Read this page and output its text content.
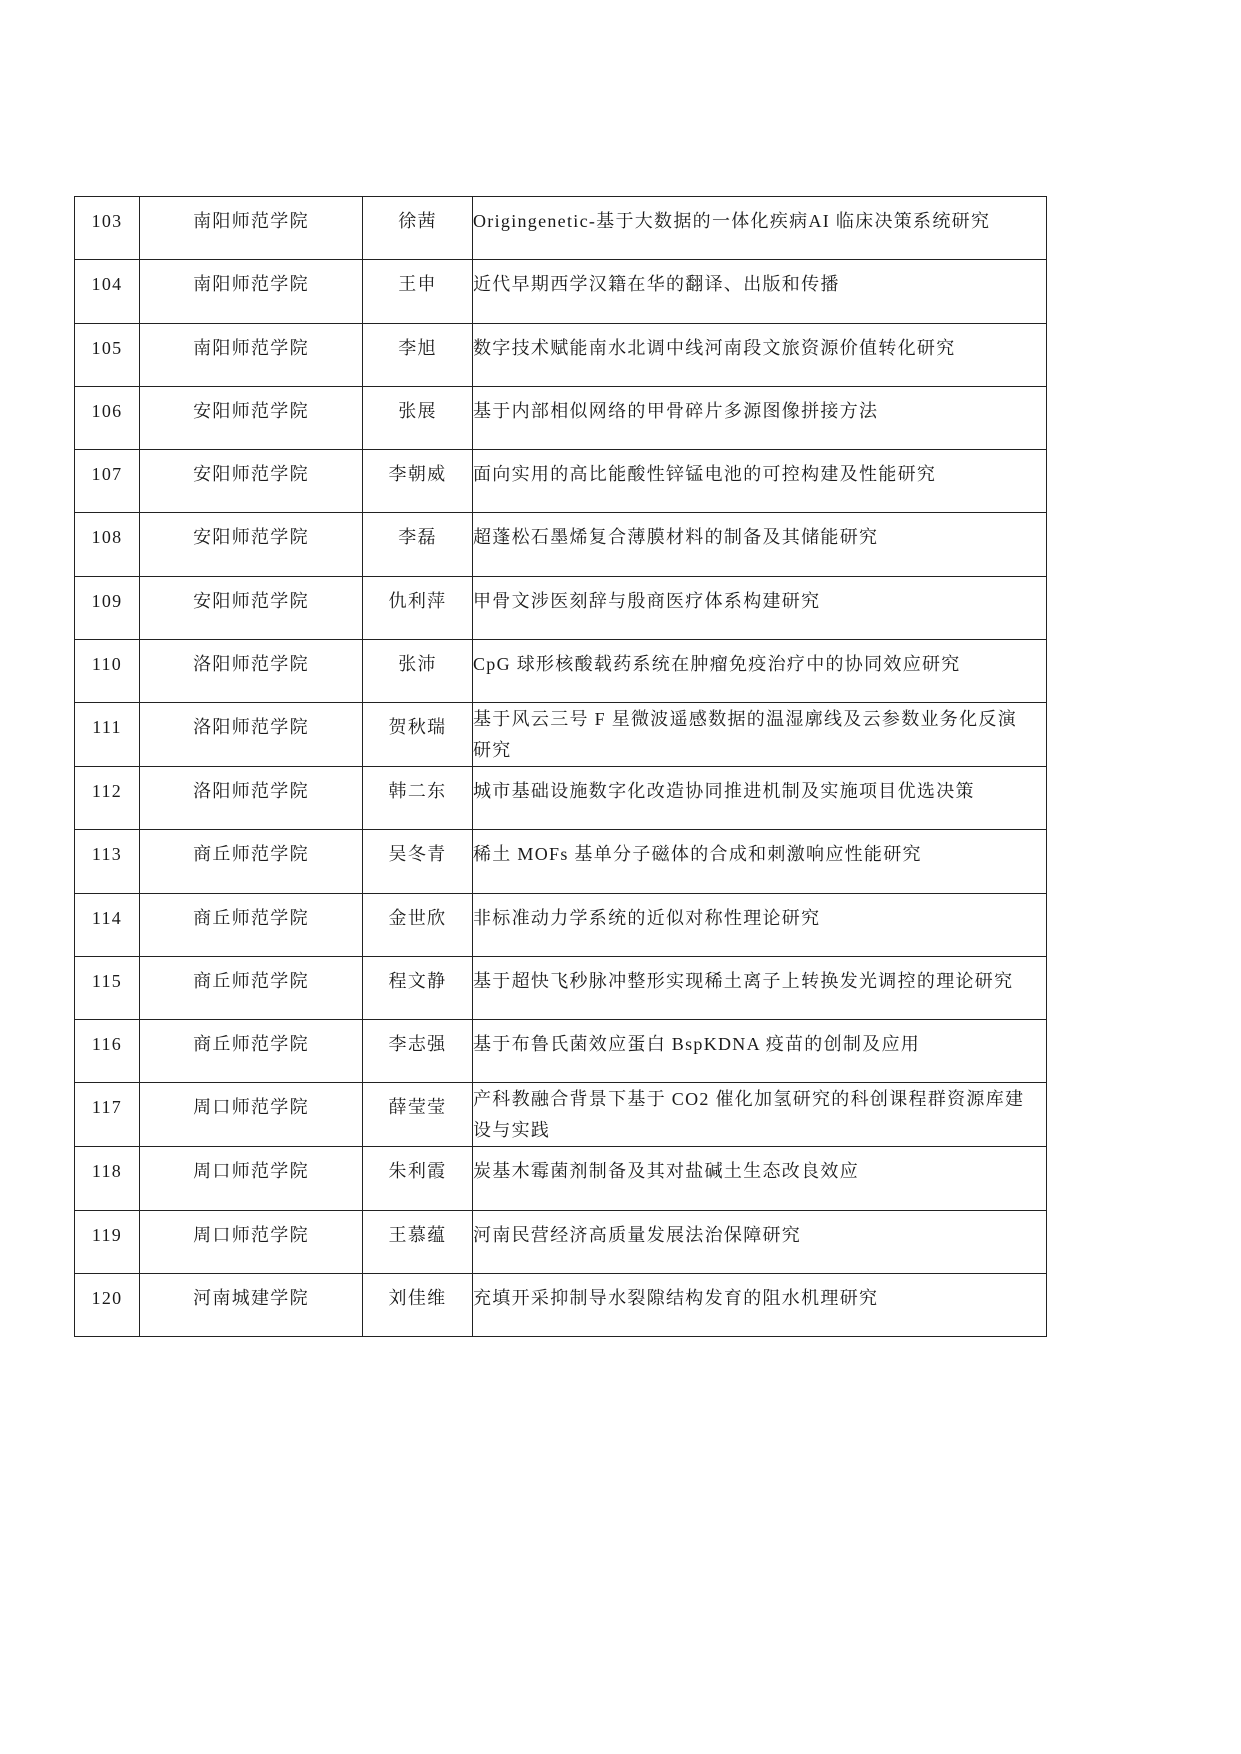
103	南阳师范学院	徐茜	Origingenetic-基于大数据的一体化疾病AI 临床决策系统研究

104	南阳师范学院	王申	近代早期西学汉籍在华的翻译、出版和传播

105	南阳师范学院	李旭	数字技术赋能南水北调中线河南段文旅资源价值转化研究

106	安阳师范学院	张展	基于内部相似网络的甲骨碎片多源图像拼接方法

107	安阳师范学院	李朝威	面向实用的高比能酸性锌锰电池的可控构建及性能研究

108	安阳师范学院	李磊	超蓬松石墨烯复合薄膜材料的制备及其储能研究

109	安阳师范学院	仇利萍	甲骨文涉医刻辞与殷商医疗体系构建研究

110	洛阳师范学院	张沛	CpG 球形核酸载药系统在肿瘤免疫治疗中的协同效应研究

111	洛阳师范学院	贺秋瑞	基于风云三号 F 星微波遥感数据的温湿廓线及云参数业务化反演
研究

112	洛阳师范学院	韩二东	城市基础设施数字化改造协同推进机制及实施项目优选决策

113	商丘师范学院	吴冬青	稀土 MOFs 基单分子磁体的合成和刺激响应性能研究

114	商丘师范学院	金世欣	非标准动力学系统的近似对称性理论研究

115	商丘师范学院	程文静	基于超快飞秒脉冲整形实现稀土离子上转换发光调控的理论研究

116	商丘师范学院	李志强	基于布鲁氏菌效应蛋白 BspKDNA 疫苗的创制及应用

117	周口师范学院	薛莹莹	产科教融合背景下基于 CO2 催化加氢研究的科创课程群资源库建
设与实践

118	周口师范学院	朱利霞	炭基木霉菌剂制备及其对盐碱土生态改良效应

119	周口师范学院	王慕蕴	河南民营经济高质量发展法治保障研究

120	河南城建学院	刘佳维	充填开采抑制导水裂隙结构发育的阻水机理研究
